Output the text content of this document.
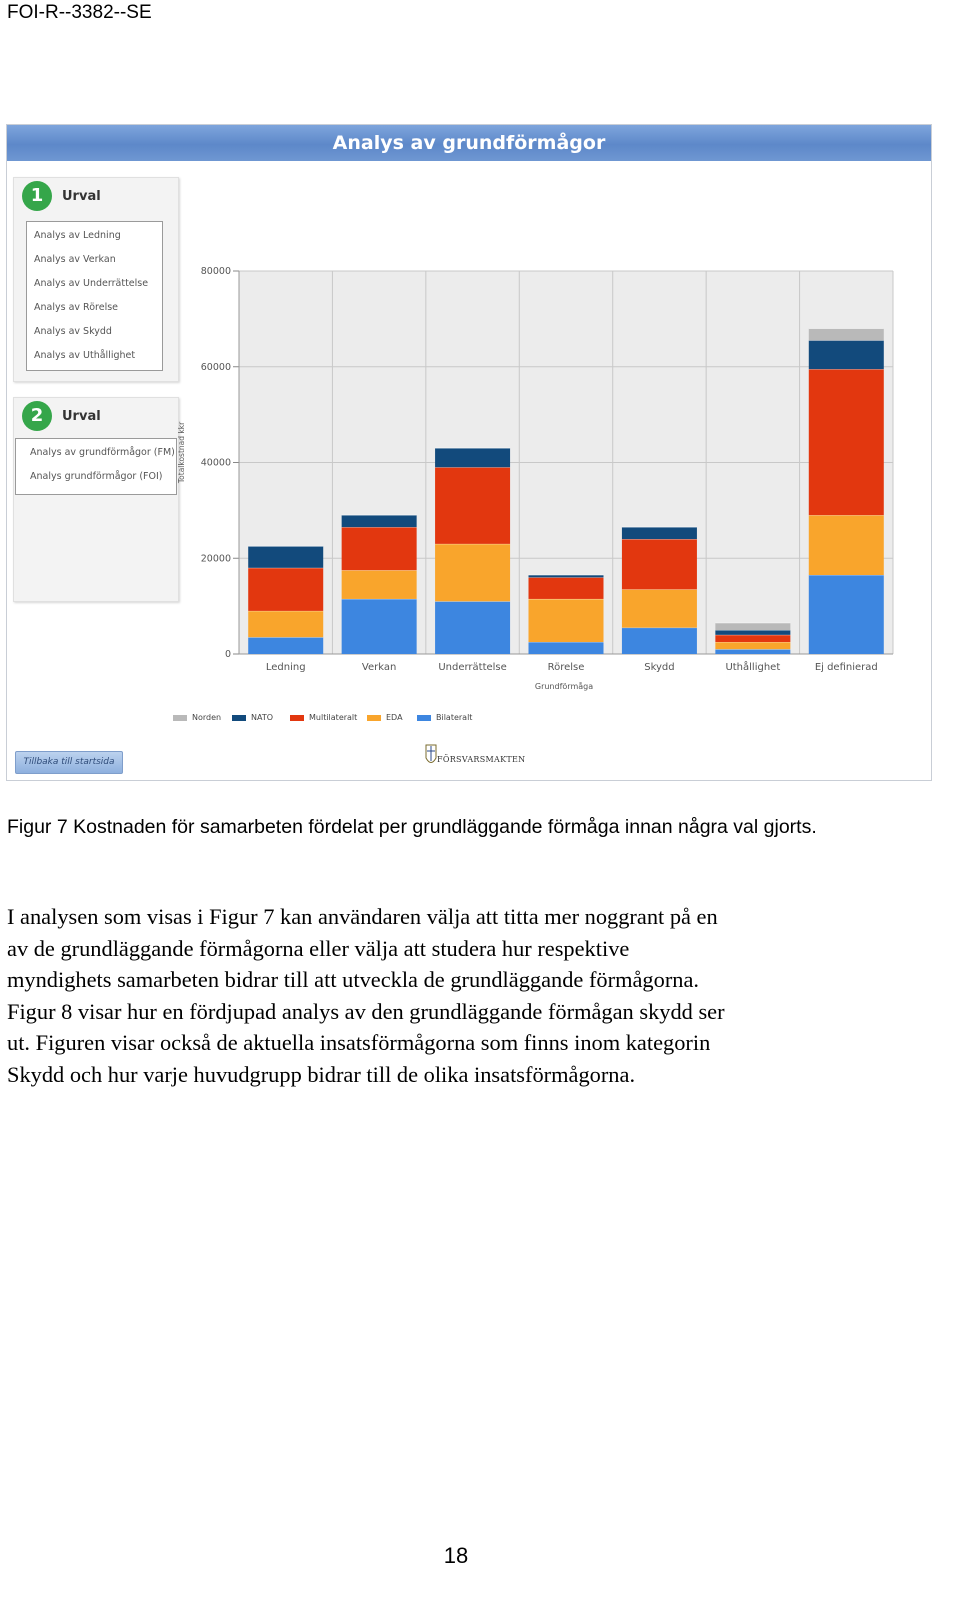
FOI-R--3382--SE
Analys av grundförmågor
1	Urval
Analys av Ledning
Analys av Verkan
Analys av Underrättelse
Analys av Rörelse
Analys av Skydd
Analys av Uthållighet
2	Urval
Analys av grundförmågor (FM)
Analys grundförmågor (FOI)
0
20000
40000
60000
80000
Ledning	Verkan	Underrättelse	Rörelse	Skydd	Uthållighet	Ej definierad
Grundförmåga
Totalkostnad kkr
Norden	NATO	Multilateralt	EDA	Bilateralt
Tillbaka till startsida	FÖRSVARSMAKTEN
Figur 7 Kostnaden för samarbeten fördelat per grundläggande förmåga innan några val gjorts.
I analysen som visas i Figur 7 kan användaren välja att titta mer noggrant på en
av de grundläggande förmågorna eller välja att studera hur respektive
myndighets samarbeten bidrar till att utveckla de grundläggande förmågorna.
Figur 8 visar hur en fördjupad analys av den grundläggande förmågan skydd ser
ut. Figuren visar också de aktuella insatsförmågorna som finns inom kategorin
Skydd och hur varje huvudgrupp bidrar till de olika insatsförmågorna.
18
